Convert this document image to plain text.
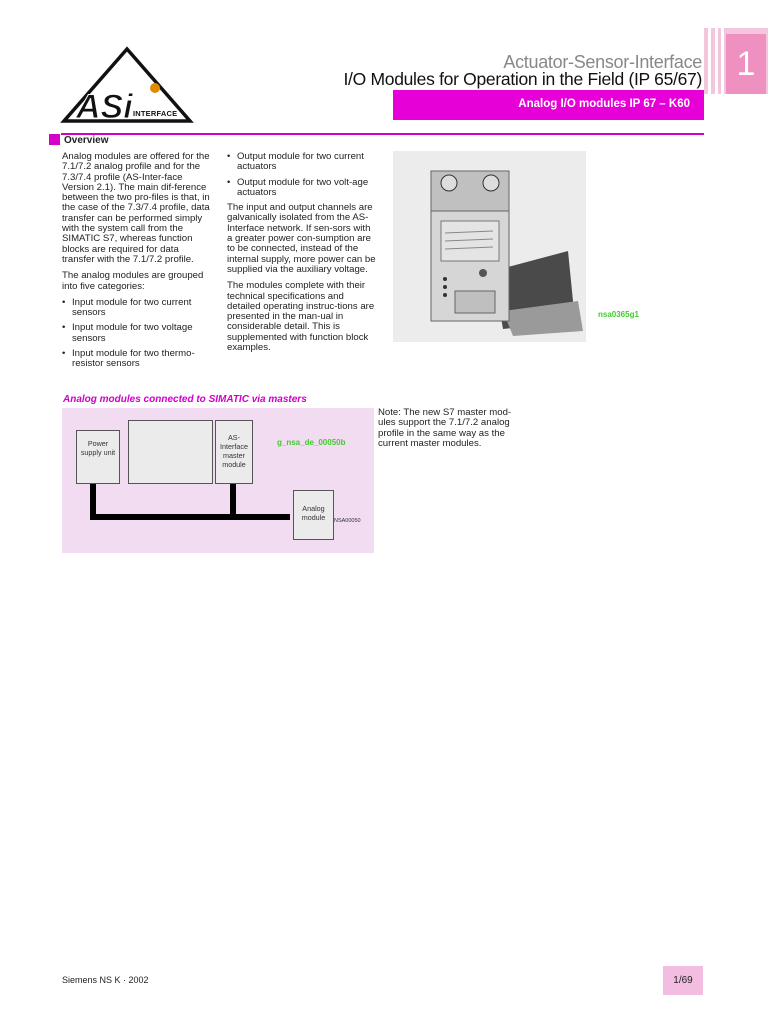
ASi INTERFACE
1
Actuator-Sensor-Interface
I/O Modules for Operation in the Field (IP 65/67)
Analog I/O modules IP 67 – K60
Overview

Analog modules are offered for the 7.1/7.2 analog profile and for the 7.3/7.4 profile (AS-Inter-face Version 2.1). The main dif-ference between the two pro-files is that, in the case of the 7.3/7.4 profile, data transfer can be performed simply with the system call from the SIMATIC S7, whereas function blocks are required for data transfer with the 7.1/7.2 profile.

The analog modules are grouped into five categories:

• Input module for two current sensors
• Input module for two voltage sensors
• Input module for two thermo-resistor sensors
• Output module for two current actuators
• Output module for two volt-age actuators

The input and output channels are galvanically isolated from the AS-Interface network. If sen-sors with a greater power con-sumption are to be connected, instead of the internal supply, more power can be supplied via the auxiliary voltage.

The modules complete with their technical specifications and detailed operating instruc-tions are presented in the man-ual in considerable detail. This is supplemented with function block examples.

nsa0365g1
Analog modules connected to SIMATIC via masters
Power supply unit
AS-Interface master module
Analog module
g_nsa_de_00050b
NSA00050
Note: The new S7 master mod-ules support the 7.1/7.2 analog profile in the same way as the current master modules.
Siemens NS K · 2002	1/69
